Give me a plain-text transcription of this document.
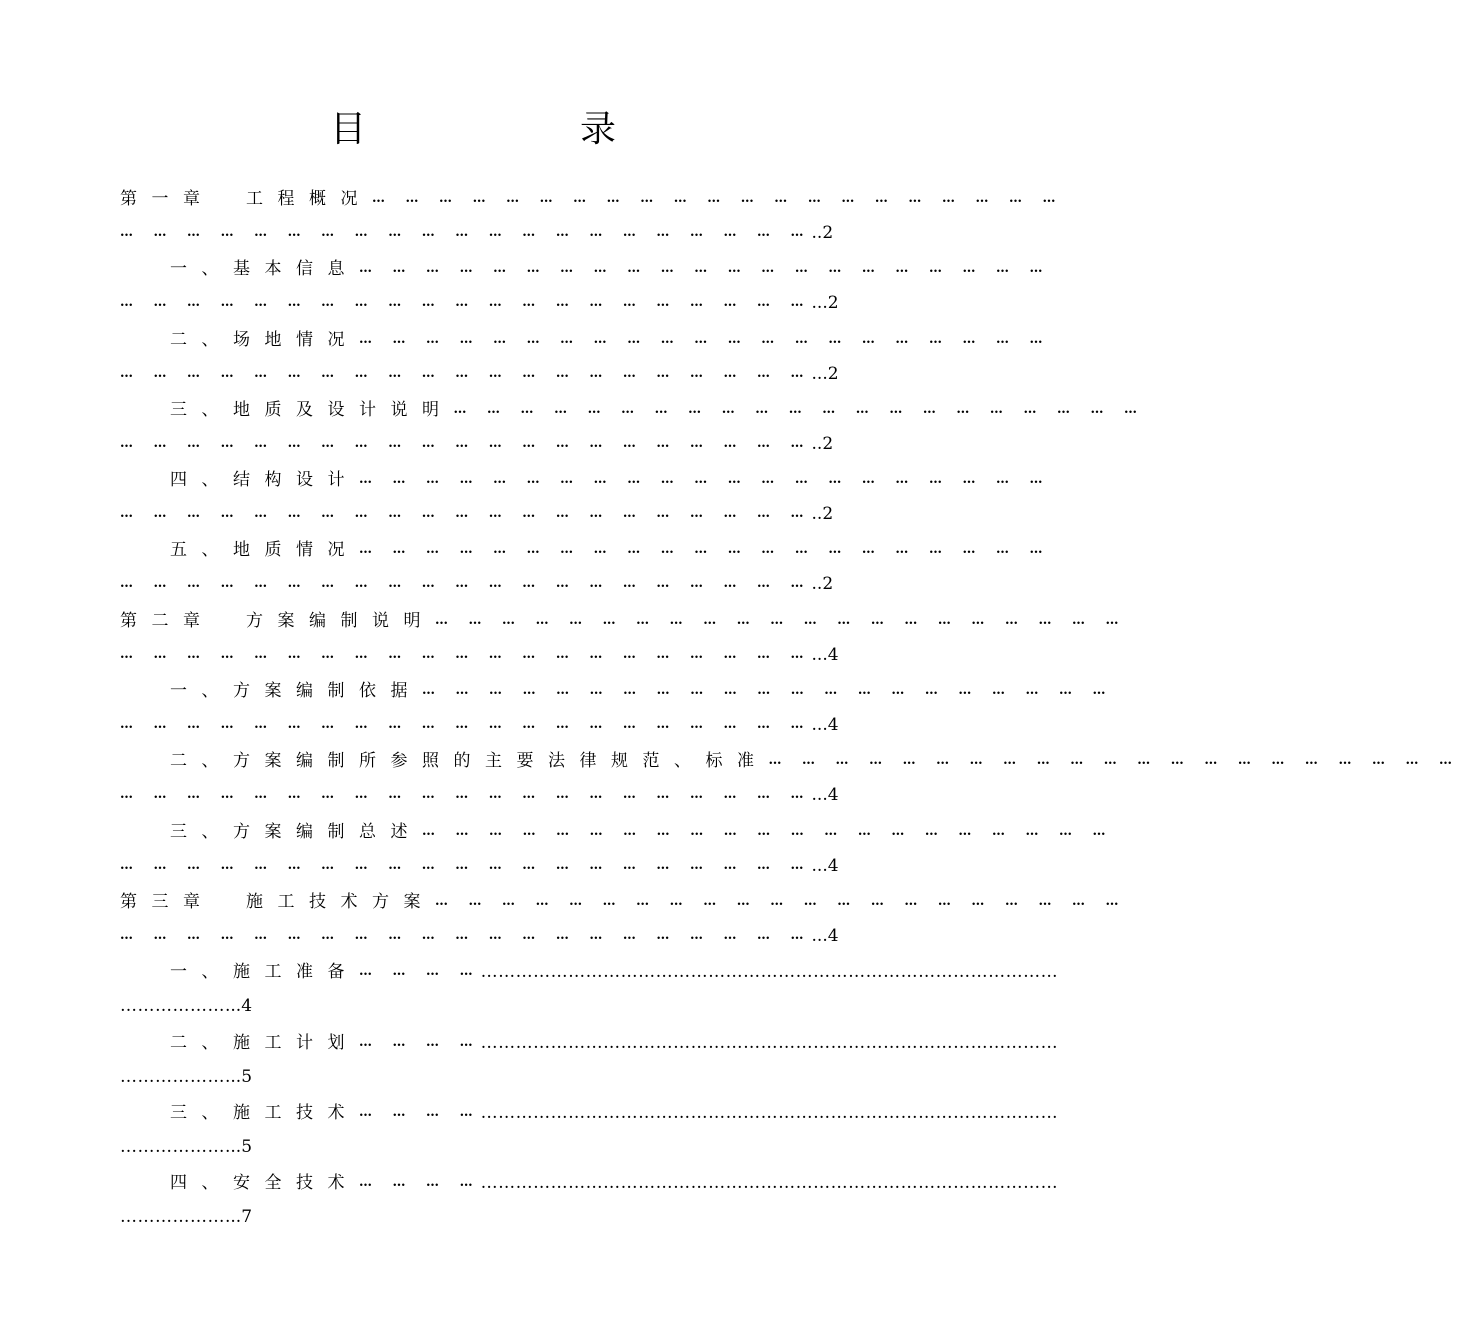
目	录
第一章　工程概况… … … … … … … … … … … … … … … … … … … … …
… … … … … … … … … … … … … … … … … … … … …..2
一、基本信息… … … … … … … … … … … … … … … … … … … … …
… … … … … … … … … … … … … … … … … … … … …...2
二、场地情况… … … … … … … … … … … … … … … … … … … … …
… … … … … … … … … … … … … … … … … … … … …...2
三、地质及设计说明… … … … … … … … … … … … … … … … … … … … …
… … … … … … … … … … … … … … … … … … … … …..2
四、结构设计… … … … … … … … … … … … … … … … … … … … …
… … … … … … … … … … … … … … … … … … … … …..2
五、地质情况… … … … … … … … … … … … … … … … … … … … …
… … … … … … … … … … … … … … … … … … … … …..2
第二章　方案编制说明… … … … … … … … … … … … … … … … … … … … …
… … … … … … … … … … … … … … … … … … … … …...4
一、方案编制依据… … … … … … … … … … … … … … … … … … … … …
… … … … … … … … … … … … … … … … … … … … …...4
二、方案编制所参照的主要法律规范、标准… … … … … … … … … … … … … … … … … … … … …
… … … … … … … … … … … … … … … … … … … … …...4
三、方案编制总述… … … … … … … … … … … … … … … … … … … … …
… … … … … … … … … … … … … … … … … … … … …...4
第三章　施工技术方案… … … … … … … … … … … … … … … … … … … … …
… … … … … … … … … … … … … … … … … … … … …...4
一、施工准备… … … …………………………………………………………………………………………
………………...4
二、施工计划… … … …………………………………………………………………………………………
………………...5
三、施工技术… … … …………………………………………………………………………………………
………………...5
四、安全技术… … … …………………………………………………………………………………………
………………...7
